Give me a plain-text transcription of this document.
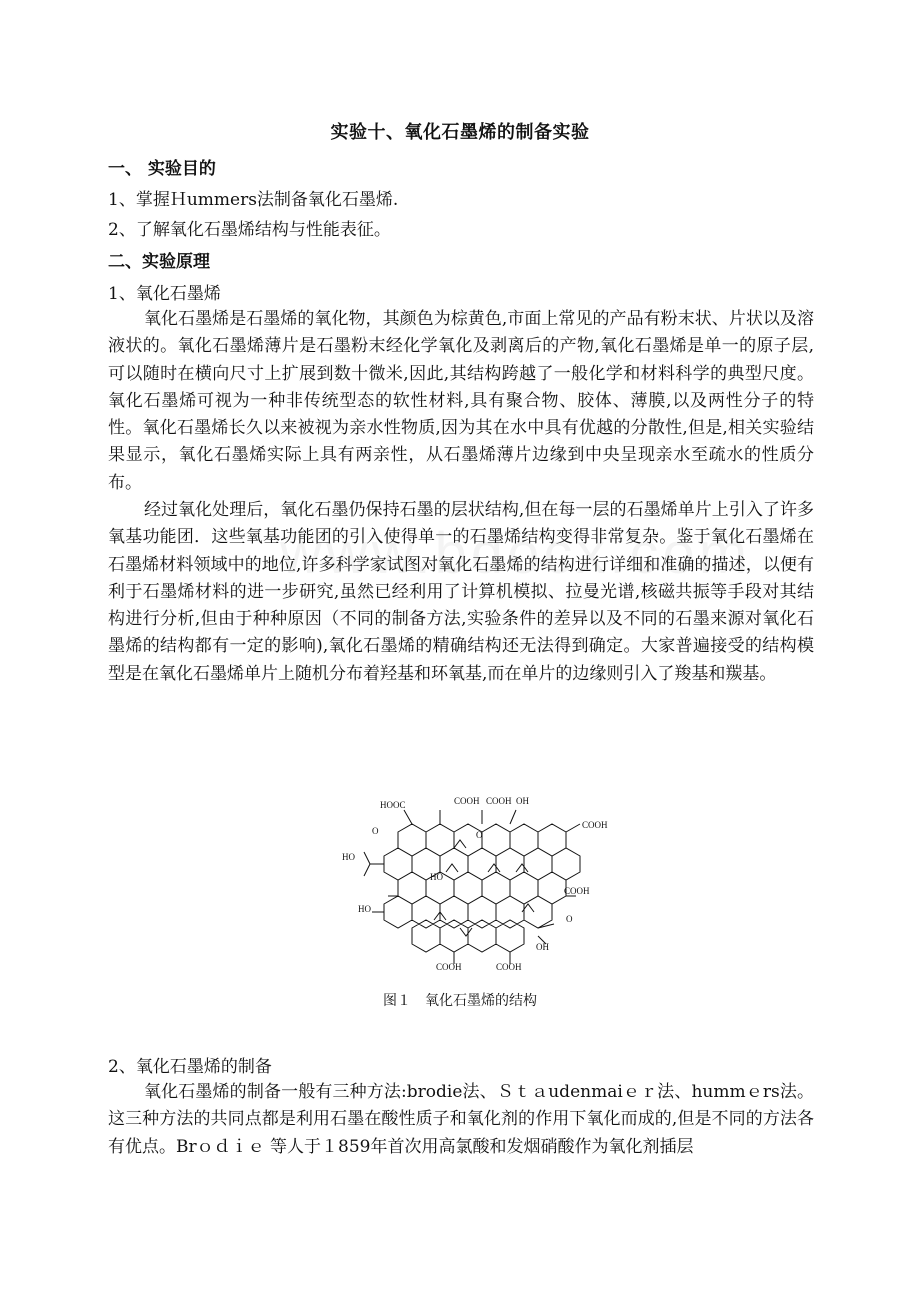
实验十、氧化石墨烯的制备实验
一、 实验目的
1、掌握Ｈummers法制备氧化石墨烯.
2、了解氧化石墨烯结构与性能表征。
二、实验原理
1、氧化石墨烯

氧化石墨烯是石墨烯的氧化物，其颜色为棕黄色,市面上常见的产品有粉末状、片状以及溶液状的。氧化石墨烯薄片是石墨粉末经化学氧化及剥离后的产物,氧化石墨烯是单一的原子层,可以随时在横向尺寸上扩展到数十微米,因此,其结构跨越了一般化学和材料科学的典型尺度。氧化石墨烯可视为一种非传统型态的软性材料,具有聚合物、胶体、薄膜,以及两性分子的特性。氧化石墨烯长久以来被视为亲水性物质,因为其在水中具有优越的分散性,但是,相关实验结果显示，氧化石墨烯实际上具有两亲性，从石墨烯薄片边缘到中央呈现亲水至疏水的性质分布。

经过氧化处理后，氧化石墨仍保持石墨的层状结构,但在每一层的石墨烯单片上引入了许多氧基功能团．这些氧基功能团的引入使得单一的石墨烯结构变得非常复杂。鉴于氧化石墨烯在石墨烯材料领域中的地位,许多科学家试图对氧化石墨烯的结构进行详细和准确的描述，以便有利于石墨烯材料的进一步研究,虽然已经利用了计算机模拟、拉曼光谱,核磁共振等手段对其结构进行分析,但由于种种原因（不同的制备方法,实验条件的差异以及不同的石墨来源对氧化石墨烯的结构都有一定的影响),氧化石墨烯的精确结构还无法得到确定。大家普遍接受的结构模型是在氧化石墨烯单片上随机分布着羟基和环氧基,而在单片的边缘则引入了羧基和羰基。

HOOC	COOH COOH OH
COOH
O
HO
HO
COOH
HO
O
OH
COOH	COOH
O
图１　氧化石墨烯的结构
2、氧化石墨烯的制备

氧化石墨烯的制备一般有三种方法:brodie法、Ｓｔａudenmaiｅｒ法、hummｅrs法。这三种方法的共同点都是利用石墨在酸性质子和氧化剂的作用下氧化而成的,但是不同的方法各有优点。Brｏｄｉｅ 等人于１859年首次用高氯酸和发烟硝酸作为氧化剂插层
